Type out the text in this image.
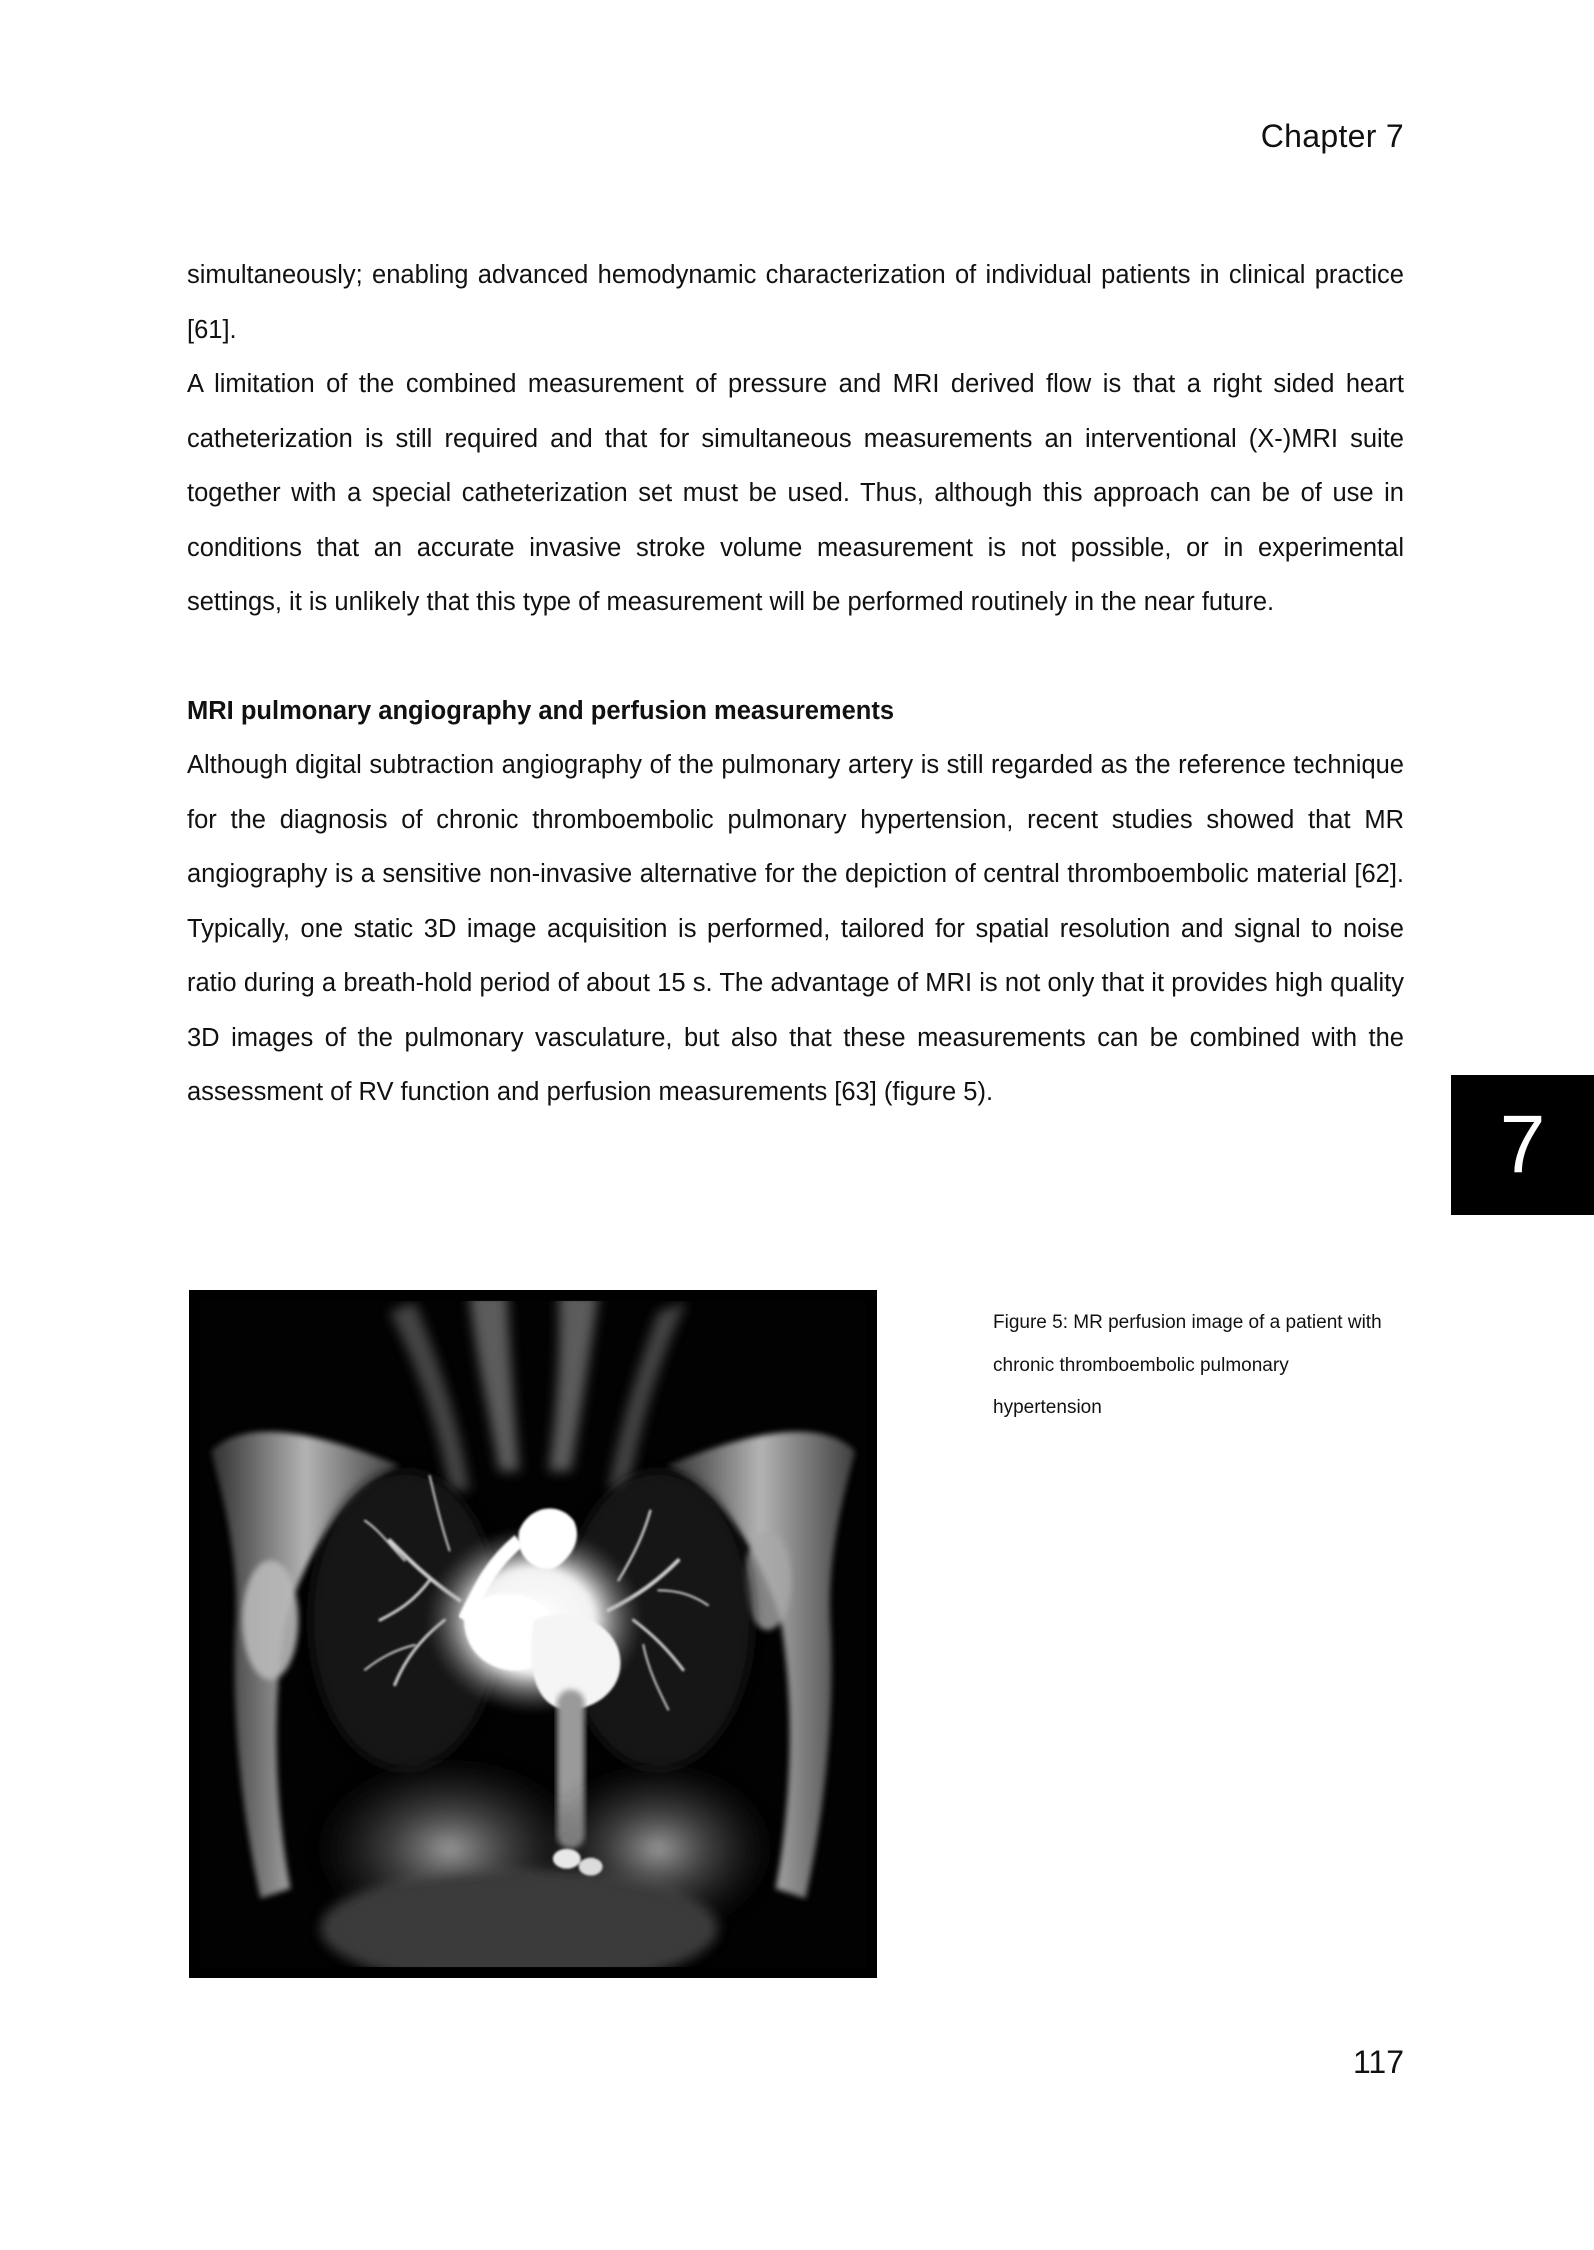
Chapter 7

simultaneously; enabling advanced hemodynamic characterization of individual patients in clinical practice [61].

A limitation of the combined measurement of pressure and MRI derived flow is that a right sided heart catheterization is still required and that for simultaneous measurements an interventional (X-)MRI suite together with a special catheterization set must be used. Thus, although this approach can be of use in conditions that an accurate invasive stroke volume measurement is not possible, or in experimental settings, it is unlikely that this type of measurement will be performed routinely in the near future.

MRI pulmonary angiography and perfusion measurements

Although digital subtraction angiography of the pulmonary artery is still regarded as the reference technique for the diagnosis of chronic thromboembolic pulmonary hypertension, recent studies showed that MR angiography is a sensitive non-invasive alternative for the depiction of central thromboembolic material [62]. Typically, one static 3D image acquisition is performed, tailored for spatial resolution and signal to noise ratio during a breath-hold period of about 15 s. The advantage of MRI is not only that it provides high quality 3D images of the pulmonary vasculature, but also that these measurements can be combined with the assessment of RV function and perfusion measurements [63] (figure 5).

7
Figure 5: MR perfusion image of a patient with chronic thromboembolic pulmonary hypertension
117
